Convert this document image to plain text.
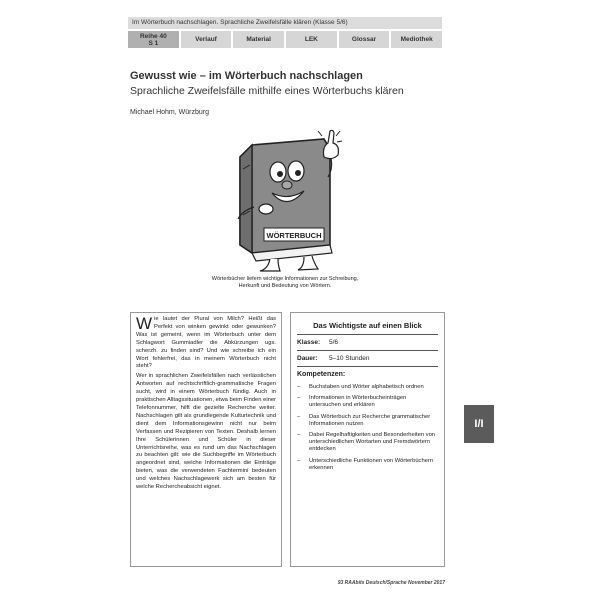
Im Wörterbuch nachschlagen. Sprachliche Zweifelsfälle klären (Klasse 5/6)
Reihe 40
S 1	Verlauf	Material	LEK	Glossar	Mediothek
Gewusst wie – im Wörterbuch nachschlagen
Sprachliche Zweifelsfälle mithilfe eines Wörterbuchs klären
Michael Hohm, Würzburg
WÖRTERBUCH
Wörterbücher liefern wichtige Informationen zur Schreibung,
Herkunft und Bedeutung von Wörtern.

Wie lautet der Plural von Milch? Heißt das Perfekt von winken gewinkt oder gewunken? Was ist gemeint, wenn im Wörterbuch unter dem Schlagwort Gummiadler die Abkürzungen ugs. scherzh. zu finden sind? Und wie schreibe ich ein Wort fehlerfrei, das in meinem Wörterbuch nicht steht?

Wer in sprachlichen Zweifelsfällen nach verlässlichen Antworten auf rechtschriftlich-grammatische Fragen sucht, wird in einem Wörterbuch fündig. Auch in praktischen Alltagssituationen, etwa beim Finden einer Telefonnummer, hilft die gezielte Recherche weiter. Nachschlagen gilt als grundlegende Kulturtechnik und dient dem Informationsgewinn nicht nur beim Verfassen und Rezipieren von Texten. Deshalb lernen Ihre Schülerinnen und Schüler in dieser Unterrichtsreihe, was es rund um das Nachschlagen zu beachten gilt: wie die Suchbegriffe im Wörterbuch angeordnet sind, welche Informationen die Einträge bieten, was die verwendeten Fachtermini bedeuten und welches Nachschlagewerk sich am besten für welche Rechercheabsicht eignet.

Das Wichtigste auf einen Blick
Klasse:	5/6
Dauer:	5–10 Stunden
Kompetenzen:
–	Buchstaben und Wörter alphabetisch ordnen
–	Informationen in Wörterbucheinträgen untersuchen und erklären
–	Das Wörterbuch zur Recherche grammatischer Informationen nutzen
–	Dabei Regelhaftigkeiten und Besonderheiten von unterschiedlichen Wortarten und Fremdwörtern entdecken
–	Unterschiedliche Funktionen von Wörterbüchern erkennen
I/I
93 RAAbits Deutsch/Sprache November 2017
